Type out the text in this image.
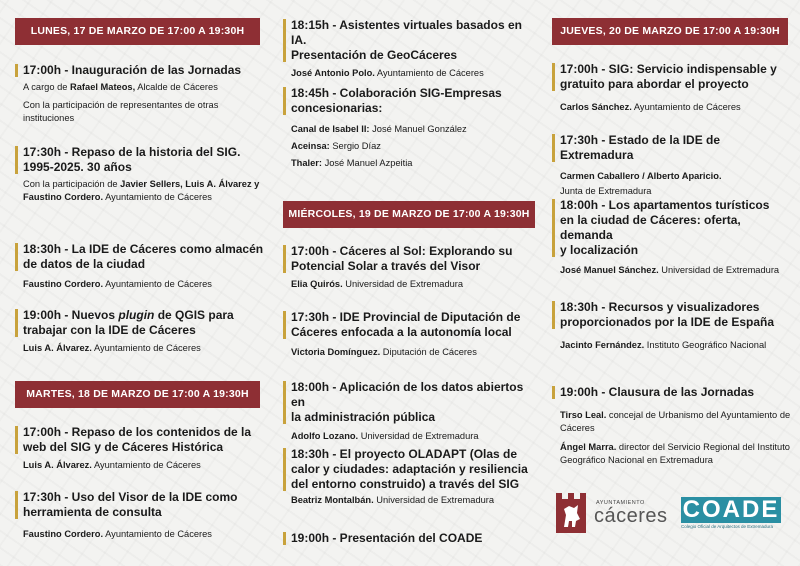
LUNES, 17 DE MARZO DE 17:00 A 19:30H
17:00h - Inauguración de las Jornadas
A cargo de Rafael Mateos, Alcalde de Cáceres
Con la participación de representantes de otras instituciones
17:30h - Repaso de la historia del SIG.
1995-2025. 30 años
Con la participación de Javier Sellers, Luis A. Álvarez y Faustino Cordero. Ayuntamiento de Cáceres
18:30h - La IDE de Cáceres como almacén
de datos de la ciudad
Faustino Cordero. Ayuntamiento de Cáceres
19:00h - Nuevos plugin de QGIS para
trabajar con la IDE de Cáceres
Luis A. Álvarez. Ayuntamiento de Cáceres
MARTES, 18 DE MARZO DE 17:00 A 19:30H
17:00h - Repaso de los contenidos de la
web del SIG y de Cáceres Histórica
Luis A. Álvarez. Ayuntamiento de Cáceres
17:30h - Uso del Visor de la IDE como
herramienta de consulta
Faustino Cordero. Ayuntamiento de Cáceres
18:15h - Asistentes virtuales basados en IA.
Presentación de GeoCáceres
José Antonio Polo. Ayuntamiento de Cáceres
18:45h - Colaboración SIG-Empresas
concesionarias:
Canal de Isabel II: José Manuel González
Aceinsa: Sergio Díaz
Thaler: José Manuel Azpeitia
MIÉRCOLES, 19 DE MARZO DE 17:00 A 19:30H
17:00h - Cáceres al Sol: Explorando su
Potencial Solar a través del Visor
Elia Quirós. Universidad de Extremadura
17:30h - IDE Provincial de Diputación de
Cáceres enfocada a la autonomía local
Victoria Domínguez. Diputación de Cáceres
18:00h - Aplicación de los datos abiertos en
la administración pública
Adolfo Lozano. Universidad de Extremadura
18:30h - El proyecto OLADAPT (Olas de
calor y ciudades: adaptación y resiliencia
del entorno construido) a través del SIG
Beatriz Montalbán. Universidad de Extremadura
19:00h - Presentación del COADE
JUEVES, 20 DE MARZO DE 17:00 A 19:30H
17:00h - SIG: Servicio indispensable y
gratuito para abordar el proyecto
Carlos Sánchez. Ayuntamiento de Cáceres
17:30h - Estado de la IDE de Extremadura
Carmen Caballero / Alberto Aparicio.
Junta de Extremadura
18:00h - Los apartamentos turísticos
en la ciudad de Cáceres: oferta, demanda
y localización
José Manuel Sánchez. Universidad de Extremadura
18:30h - Recursos y visualizadores
proporcionados por la IDE de España
Jacinto Fernández. Instituto Geográfico Nacional
19:00h - Clausura de las Jornadas
Tirso Leal. concejal de Urbanismo del Ayuntamiento de Cáceres
Ángel Marra. director del Servicio Regional del Instituto Geográfico Nacional en Extremadura
AYUNTAMIENTO
cáceres COADE
Colegio Oficial de Arquitectos de Extremadura
